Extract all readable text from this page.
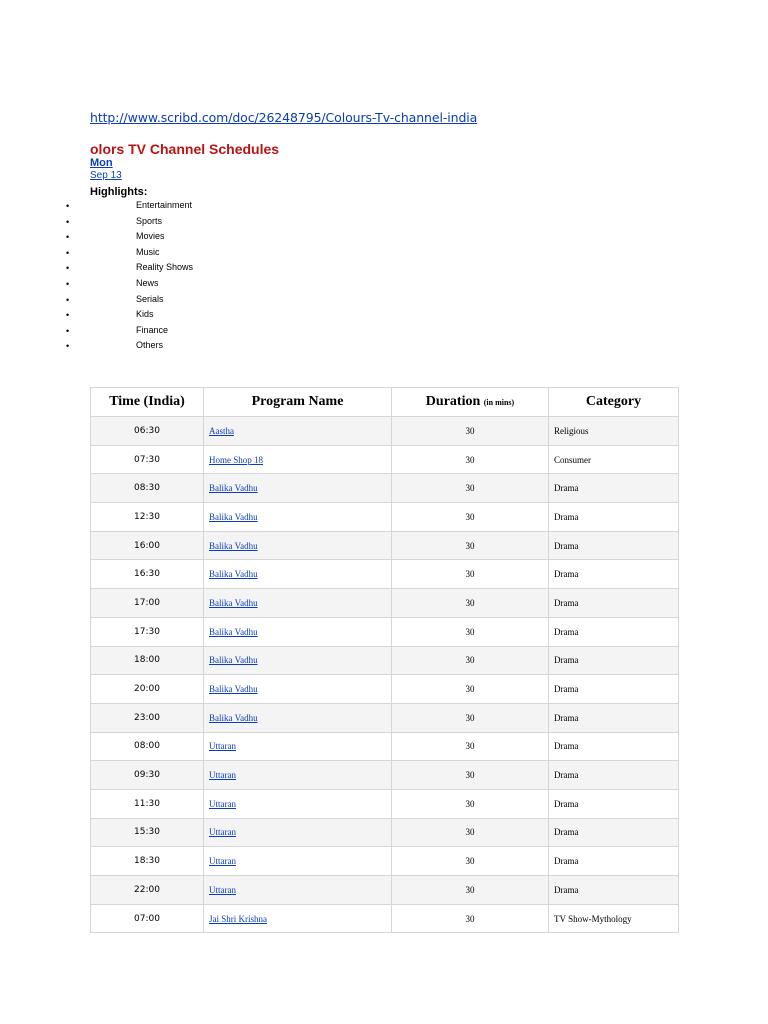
http://www.scribd.com/doc/26248795/Colours-Tv-channel-india
olors TV Channel Schedules
Mon
Sep 13
Highlights:
•	Entertainment
•	Sports
•	Movies
•	Music
•	Reality Shows
•	News
•	Serials
•	Kids
•	Finance
•	Others
Time (India)	Program Name	Duration (in mins)	Category
06:30	Aastha	30	Religious
07:30	Home Shop 18	30	Consumer
08:30	Balika Vadhu	30	Drama
12:30	Balika Vadhu	30	Drama
16:00	Balika Vadhu	30	Drama
16:30	Balika Vadhu	30	Drama
17:00	Balika Vadhu	30	Drama
17:30	Balika Vadhu	30	Drama
18:00	Balika Vadhu	30	Drama
20:00	Balika Vadhu	30	Drama
23:00	Balika Vadhu	30	Drama
08:00	Uttaran	30	Drama
09:30	Uttaran	30	Drama
11:30	Uttaran	30	Drama
15:30	Uttaran	30	Drama
18:30	Uttaran	30	Drama
22:00	Uttaran	30	Drama
07:00	Jai Shri Krishna	30	TV Show-Mythology
